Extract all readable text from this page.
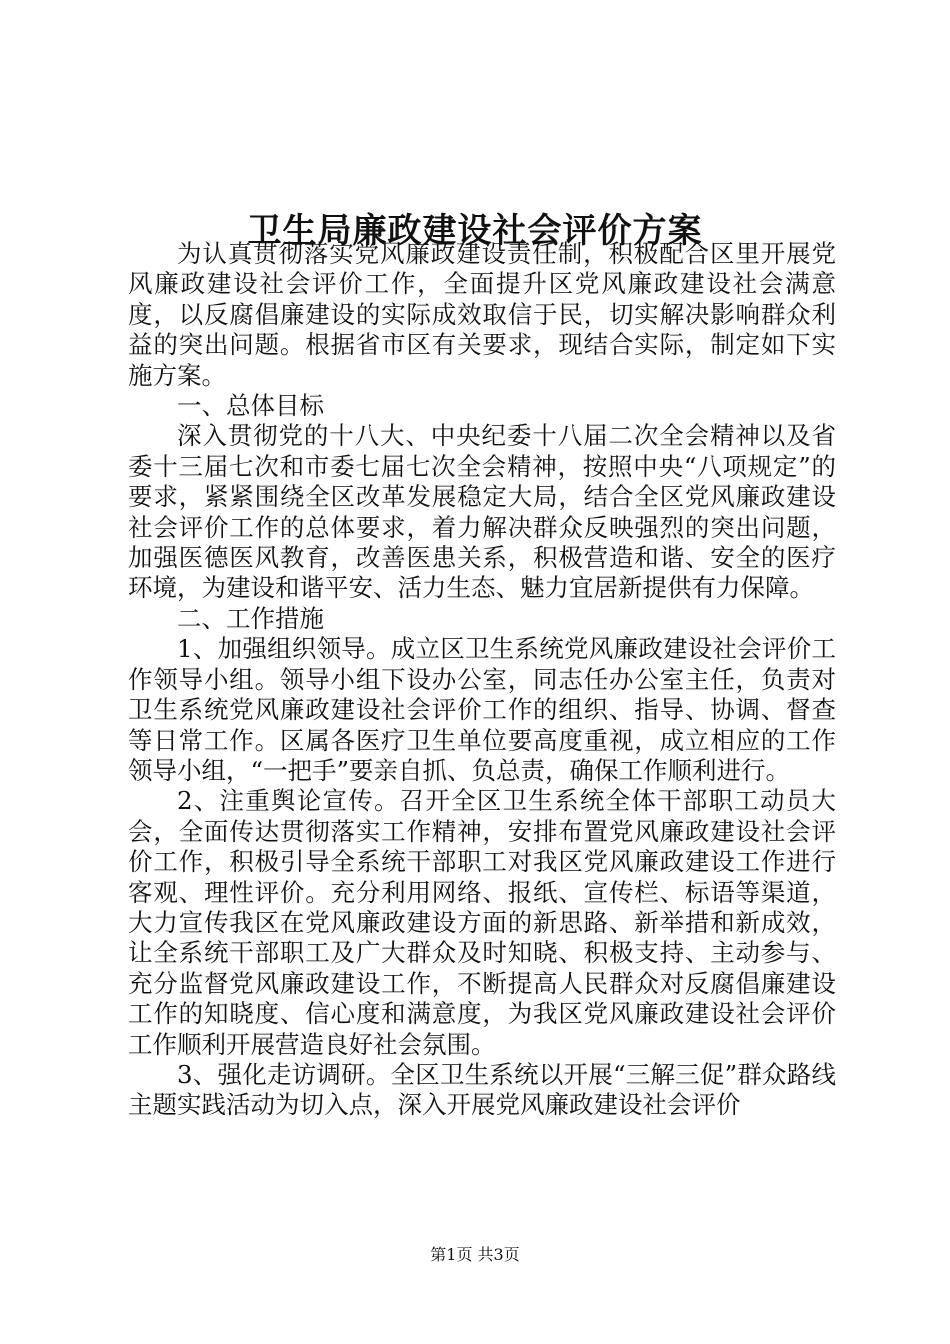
卫生局廉政建设社会评价方案

为认真贯彻落实党风廉政建设责任制，积极配合区里开展党风廉政建设社会评价工作，全面提升区党风廉政建设社会满意度，以反腐倡廉建设的实际成效取信于民，切实解决影响群众利益的突出问题。根据省市区有关要求，现结合实际，制定如下实施方案。

一、总体目标

深入贯彻党的十八大、中央纪委十八届二次全会精神以及省委十三届七次和市委七届七次全会精神，按照中央“八项规定”的要求，紧紧围绕全区改革发展稳定大局，结合全区党风廉政建设社会评价工作的总体要求，着力解决群众反映强烈的突出问题，加强医德医风教育，改善医患关系，积极营造和谐、安全的医疗环境，为建设和谐平安、活力生态、魅力宜居新提供有力保障。

二、工作措施

1、加强组织领导。成立区卫生系统党风廉政建设社会评价工作领导小组。领导小组下设办公室，同志任办公室主任，负责对卫生系统党风廉政建设社会评价工作的组织、指导、协调、督查等日常工作。区属各医疗卫生单位要高度重视，成立相应的工作领导小组，“一把手”要亲自抓、负总责，确保工作顺利进行。

2、注重舆论宣传。召开全区卫生系统全体干部职工动员大会，全面传达贯彻落实工作精神，安排布置党风廉政建设社会评价工作，积极引导全系统干部职工对我区党风廉政建设工作进行客观、理性评价。充分利用网络、报纸、宣传栏、标语等渠道，大力宣传我区在党风廉政建设方面的新思路、新举措和新成效，让全系统干部职工及广大群众及时知晓、积极支持、主动参与、充分监督党风廉政建设工作，不断提高人民群众对反腐倡廉建设工作的知晓度、信心度和满意度，为我区党风廉政建设社会评价工作顺利开展营造良好社会氛围。

3、强化走访调研。全区卫生系统以开展“三解三促”群众路线主题实践活动为切入点，深入开展党风廉政建设社会评价

第1页 共3页
